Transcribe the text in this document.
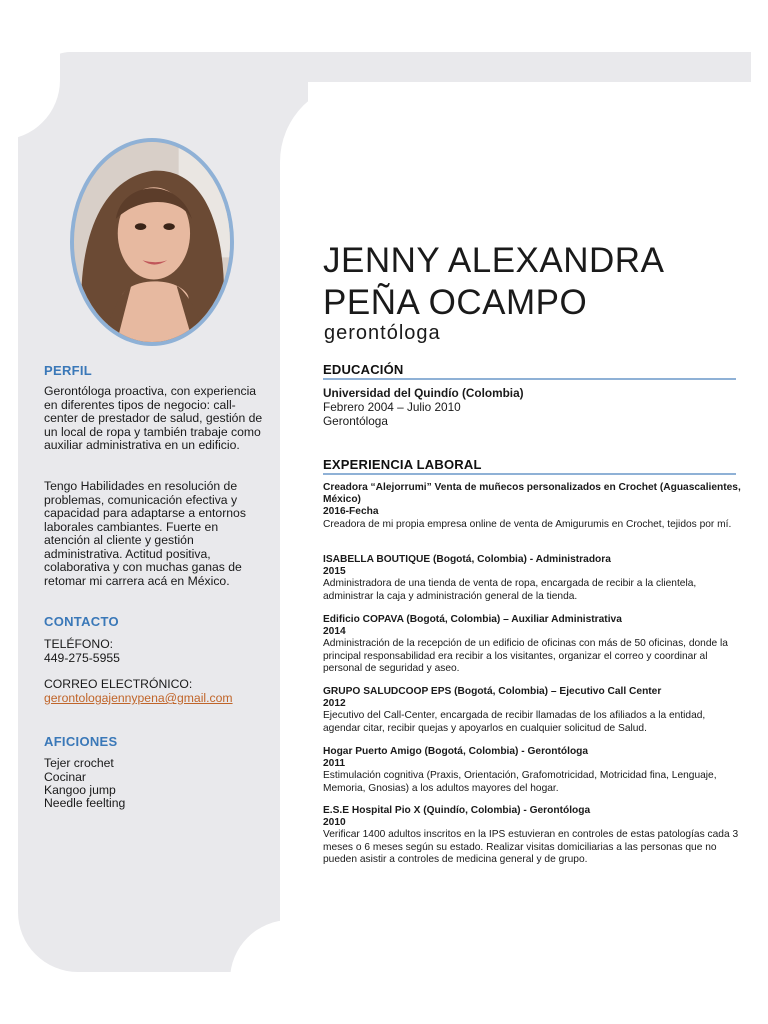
PERFIL
Gerontóloga proactiva, con experiencia en diferentes tipos de negocio: call-center de prestador de salud, gestión de un local de ropa y también trabaje como auxiliar administrativa en un edificio.
Tengo Habilidades en resolución de problemas, comunicación efectiva y capacidad para adaptarse a entornos laborales cambiantes. Fuerte en atención al cliente y gestión administrativa. Actitud positiva, colaborativa y con muchas ganas de retomar mi carrera acá en México.
CONTACTO
TELÉFONO:
449-275-5955
CORREO ELECTRÓNICO:
gerontologajennypena@gmail.com
AFICIONES
Tejer crochet
Cocinar
Kangoo jump
Needle feelting
JENNY ALEXANDRA
PEÑA OCAMPO
gerontóloga
EDUCACIÓN
Universidad del Quindío (Colombia)
Febrero 2004 – Julio 2010
Gerontóloga
EXPERIENCIA LABORAL
Creadora “Alejorrumi” Venta de muñecos personalizados en Crochet (Aguascalientes, México)
2016-Fecha
Creadora de mi propia empresa online de venta de Amigurumis en Crochet, tejidos por mí.
ISABELLA BOUTIQUE (Bogotá, Colombia) - Administradora
2015
Administradora de una tienda de venta de ropa, encargada de recibir a la clientela, administrar la caja y administración general de la tienda.
Edificio COPAVA (Bogotá, Colombia) – Auxiliar Administrativa
2014
Administración de la recepción de un edificio de oficinas con más de 50 oficinas, donde la principal responsabilidad era recibir a los visitantes, organizar el correo y coordinar al personal de seguridad y aseo.
GRUPO SALUDCOOP EPS (Bogotá, Colombia) – Ejecutivo Call Center
2012
Ejecutivo del Call-Center, encargada de recibir llamadas de los afiliados a la entidad, agendar citar, recibir quejas y apoyarlos en cualquier solicitud de Salud.
Hogar Puerto Amigo (Bogotá, Colombia) - Gerontóloga
2011
Estimulación cognitiva (Praxis, Orientación, Grafomotricidad, Motricidad fina, Lenguaje, Memoria, Gnosias) a los adultos mayores del hogar.
E.S.E Hospital Pio X (Quindío, Colombia) - Gerontóloga
2010
Verificar 1400 adultos inscritos en la IPS estuvieran en controles de estas patologías cada 3 meses o 6 meses según su estado. Realizar visitas domiciliarias a las personas que no pueden asistir a controles de medicina general y de grupo.
